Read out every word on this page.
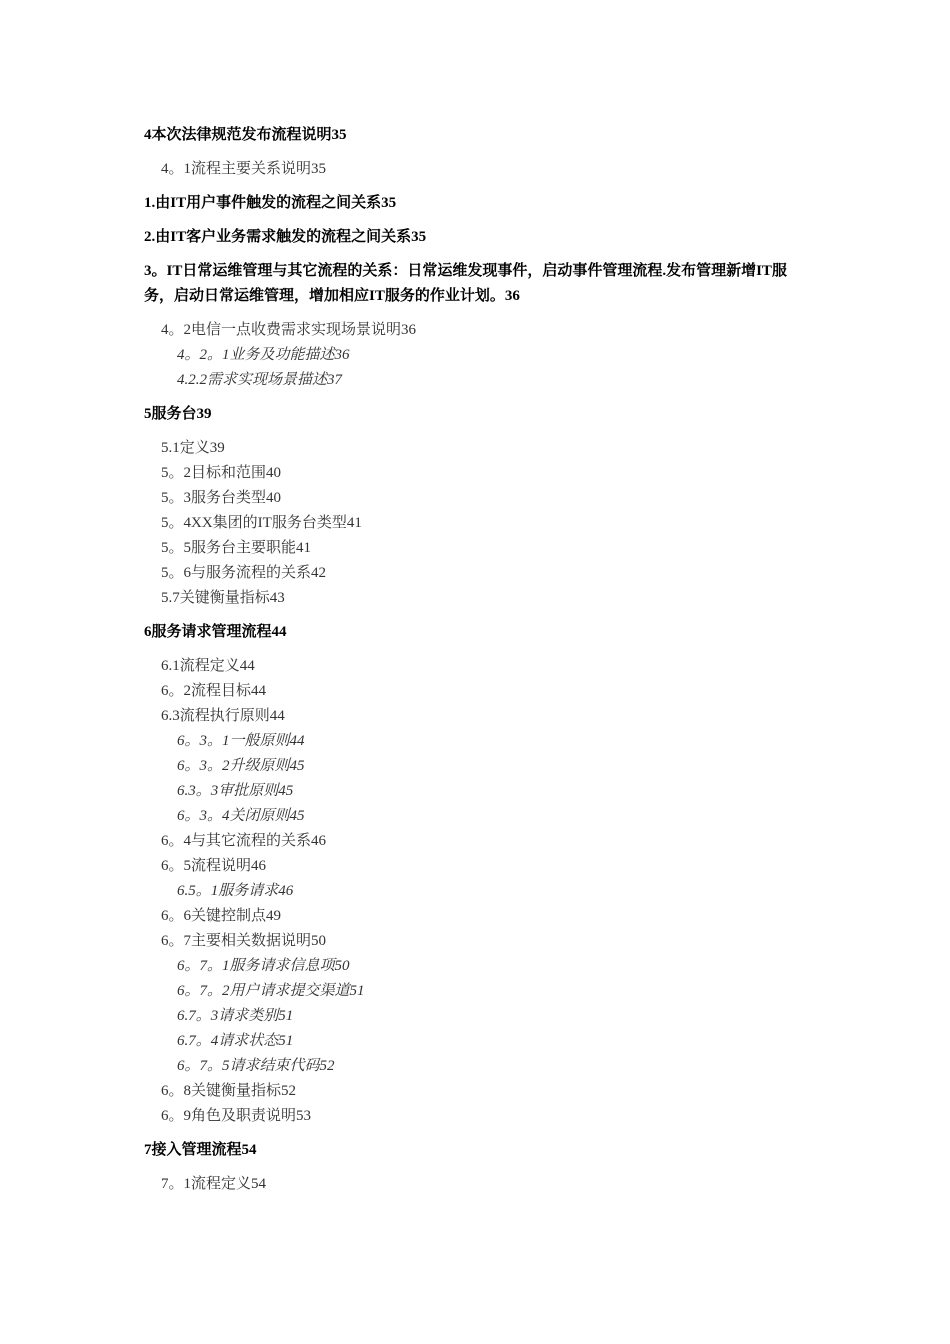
4本次法律规范发布流程说明35
4。1流程主要关系说明35
1.由IT用户事件触发的流程之间关系35
2.由IT客户业务需求触发的流程之间关系35
3。IT日常运维管理与其它流程的关系：日常运维发现事件，启动事件管理流程.发布管理新增IT服务，启动日常运维管理，增加相应IT服务的作业计划。36
4。2电信一点收费需求实现场景说明36
4。2。1业务及功能描述36
4.2.2需求实现场景描述37
5服务台39
5.1定义39
5。2目标和范围40
5。3服务台类型40
5。4XX集团的IT服务台类型41
5。5服务台主要职能41
5。6与服务流程的关系42
5.7关键衡量指标43
6服务请求管理流程44
6.1流程定义44
6。2流程目标44
6.3流程执行原则44
6。3。1一般原则44
6。3。2升级原则45
6.3。3审批原则45
6。3。4关闭原则45
6。4与其它流程的关系46
6。5流程说明46
6.5。1服务请求46
6。6关键控制点49
6。7主要相关数据说明50
6。7。1服务请求信息项50
6。7。2用户请求提交渠道51
6.7。3请求类别51
6.7。4请求状态51
6。7。5请求结束代码52
6。8关键衡量指标52
6。9角色及职责说明53
7接入管理流程54
7。1流程定义54
